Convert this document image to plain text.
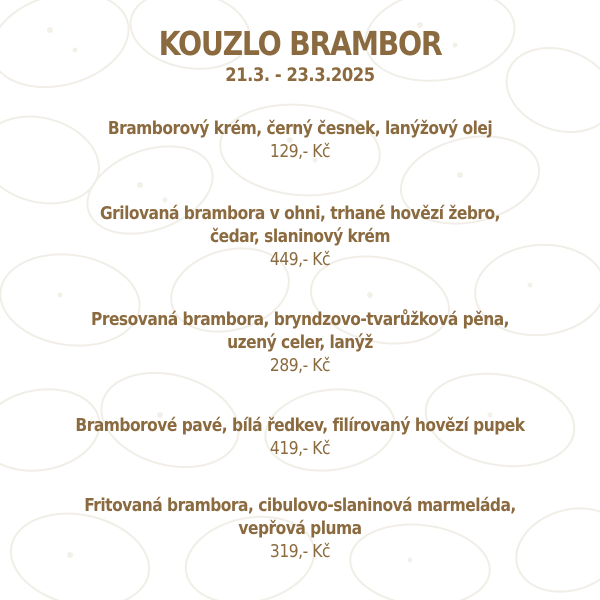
KOUZLO BRAMBOR
21.3. - 23.3.2025
Bramborový krém, černý česnek, lanýžový olej
129,- Kč
Grilovaná brambora v ohni, trhané hovězí žebro,
čedar, slaninový krém
449,- Kč
Presovaná brambora, bryndzovo-tvarůžková pěna,
uzený celer, lanýž
289,- Kč
Bramborové pavé, bílá ředkev, filírovaný hovězí pupek
419,- Kč
Fritovaná brambora, cibulovo-slaninová marmeláda,
vepřová pluma
319,- Kč
